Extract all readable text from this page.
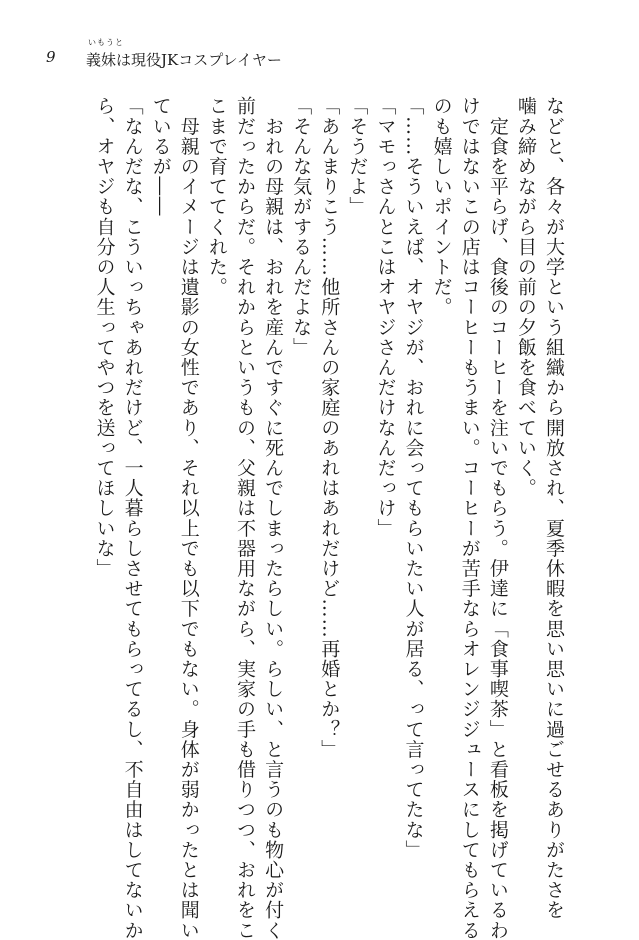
9
いもうと
義妹は現役JKコスプレイヤー
などと、各々が大学という組織から開放され、夏季休暇を思い思いに過ごせるありがたさを
噛み締めながら目の前の夕飯を食べていく。
　定食を平らげ、食後のコーヒーを注いでもらう。伊達に「食事喫茶」と看板を掲げているわ
けではないこの店はコーヒーもうまい。コーヒーが苦手ならオレンジジュースにしてもらえる
のも嬉しいポイントだ。
「……そういえば、オヤジが、おれに会ってもらいたい人が居る、って言ってたな」
「マモっさんとこはオヤジさんだけなんだっけ」
「そうだよ」
「あんまりこう……他所さんの家庭のあれはあれだけど……再婚とか？」
「そんな気がするんだよな」
　おれの母親は、おれを産んですぐに死んでしまったらしい。らしい、と言うのも物心が付く
前だったからだ。それからというもの、父親は不器用ながら、実家の手も借りつつ、おれをこ
こまで育ててくれた。
　母親のイメージは遺影の女性であり、それ以上でも以下でもない。身体が弱かったとは聞い
ているが――
「なんだな、こういっちゃあれだけど、一人暮らしさせてもらってるし、不自由はしてないか
ら、オヤジも自分の人生ってやつを送ってほしいな」
